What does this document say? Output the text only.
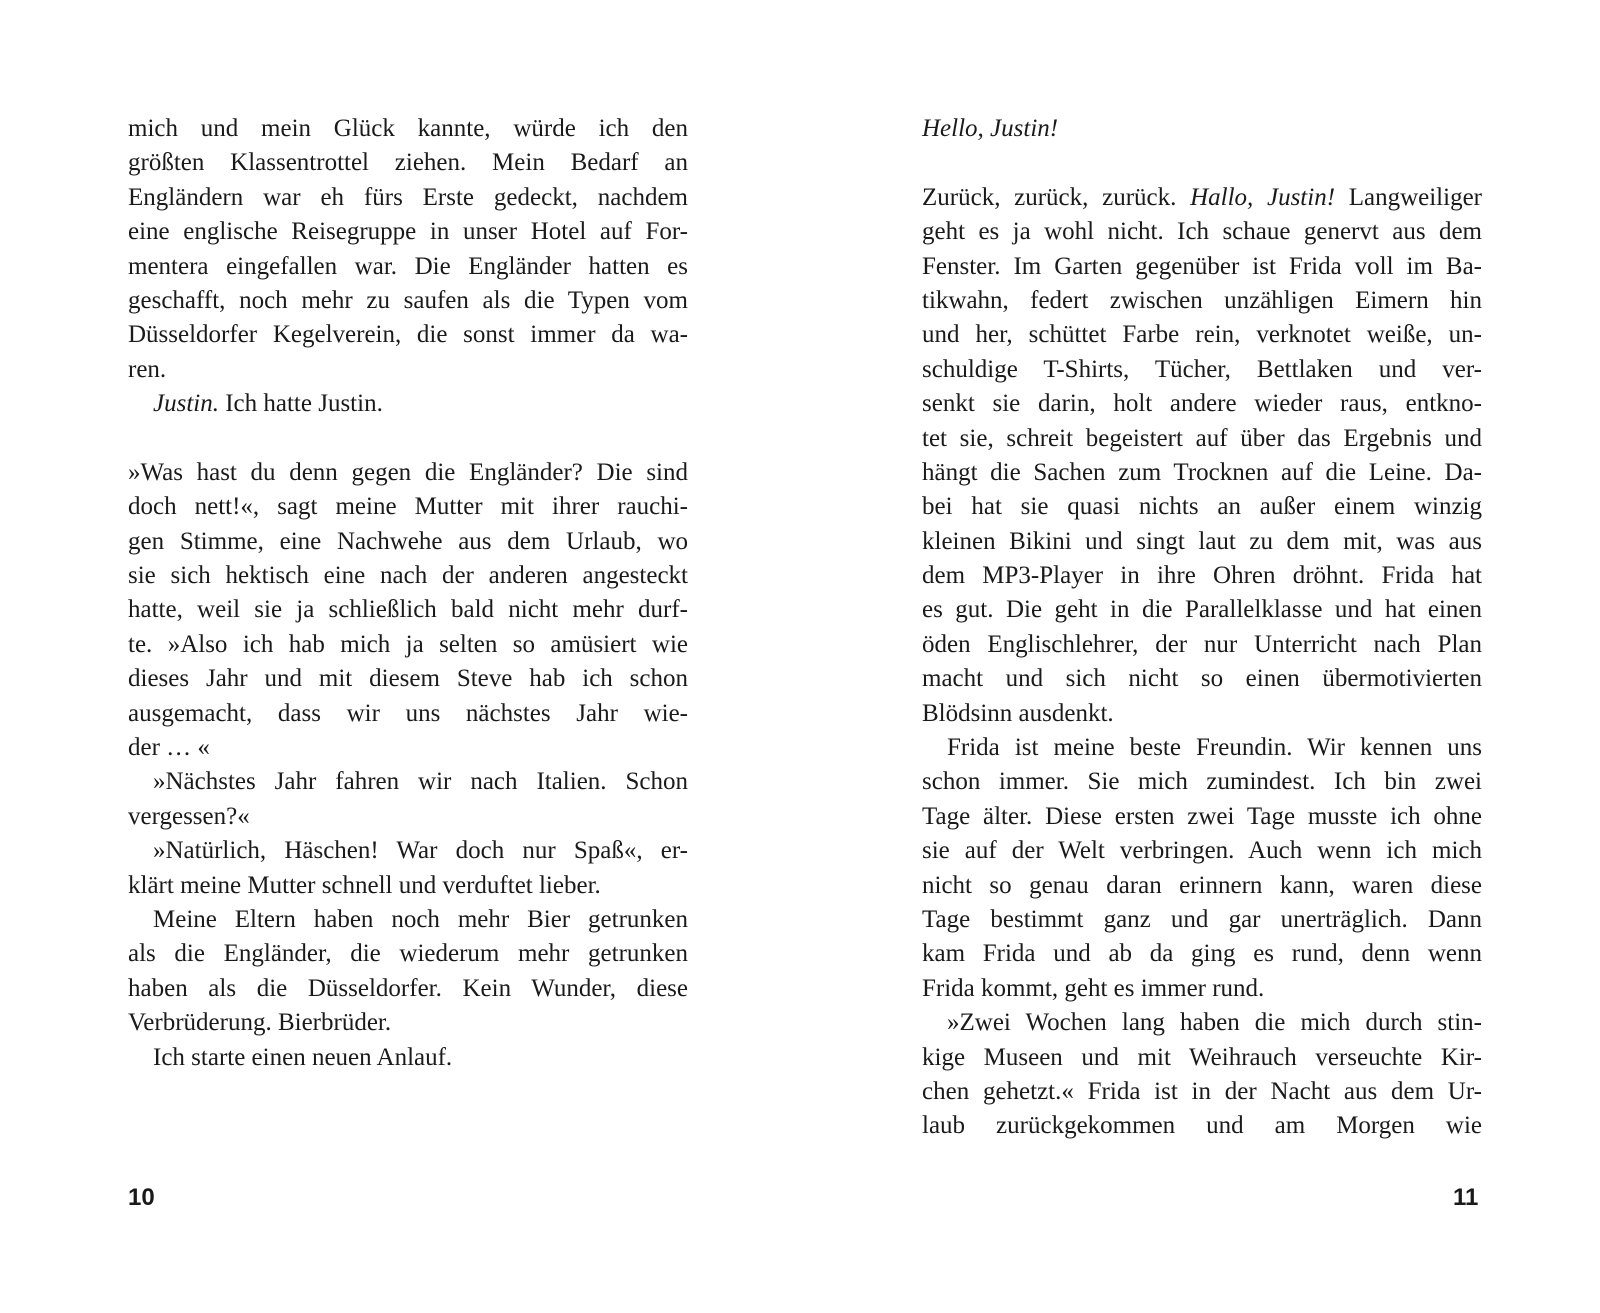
mich und mein Glück kannte, würde ich den
größten Klassentrottel ziehen. Mein Bedarf an
Engländern war eh fürs Erste gedeckt, nachdem
eine englische Reisegruppe in unser Hotel auf For-
mentera eingefallen war. Die Engländer hatten es
geschafft, noch mehr zu saufen als die Typen vom
Düsseldorfer Kegelverein, die sonst immer da wa-
ren.
Justin. Ich hatte Justin.
»Was hast du denn gegen die Engländer? Die sind
doch nett!«, sagt meine Mutter mit ihrer rauchi-
gen Stimme, eine Nachwehe aus dem Urlaub, wo
sie sich hektisch eine nach der anderen angesteckt
hatte, weil sie ja schließlich bald nicht mehr durf-
te. »Also ich hab mich ja selten so amüsiert wie
dieses Jahr und mit diesem Steve hab ich schon
ausgemacht, dass wir uns nächstes Jahr wie-
der … «
»Nächstes Jahr fahren wir nach Italien. Schon
vergessen?«
»Natürlich, Häschen! War doch nur Spaß«, er-
klärt meine Mutter schnell und verduftet lieber.
Meine Eltern haben noch mehr Bier getrunken
als die Engländer, die wiederum mehr getrunken
haben als die Düsseldorfer. Kein Wunder, diese
Verbrüderung. Bierbrüder.
Ich starte einen neuen Anlauf.
10
Hello, Justin!
Zurück, zurück, zurück. Hallo, Justin! Langweiliger
geht es ja wohl nicht. Ich schaue genervt aus dem
Fenster. Im Garten gegenüber ist Frida voll im Ba-
tikwahn, federt zwischen unzähligen Eimern hin
und her, schüttet Farbe rein, verknotet weiße, un-
schuldige T-Shirts, Tücher, Bettlaken und ver-
senkt sie darin, holt andere wieder raus, entkno-
tet sie, schreit begeistert auf über das Ergebnis und
hängt die Sachen zum Trocknen auf die Leine. Da-
bei hat sie quasi nichts an außer einem winzig
kleinen Bikini und singt laut zu dem mit, was aus
dem MP3-Player in ihre Ohren dröhnt. Frida hat
es gut. Die geht in die Parallelklasse und hat einen
öden Englischlehrer, der nur Unterricht nach Plan
macht und sich nicht so einen übermotivierten
Blödsinn ausdenkt.
Frida ist meine beste Freundin. Wir kennen uns
schon immer. Sie mich zumindest. Ich bin zwei
Tage älter. Diese ersten zwei Tage musste ich ohne
sie auf der Welt verbringen. Auch wenn ich mich
nicht so genau daran erinnern kann, waren diese
Tage bestimmt ganz und gar unerträglich. Dann
kam Frida und ab da ging es rund, denn wenn
Frida kommt, geht es immer rund.
»Zwei Wochen lang haben die mich durch stin-
kige Museen und mit Weihrauch verseuchte Kir-
chen gehetzt.« Frida ist in der Nacht aus dem Ur-
laub zurückgekommen und am Morgen wie
11
